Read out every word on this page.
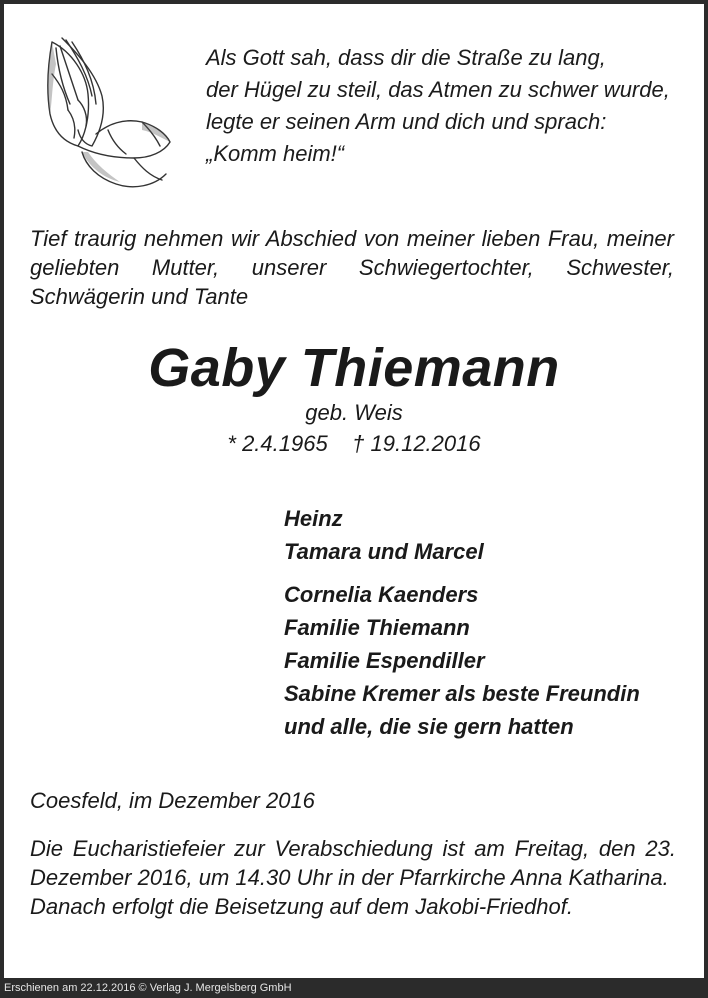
Als Gott sah, dass dir die Straße zu lang,
der Hügel zu steil, das Atmen zu schwer wurde,
legte er seinen Arm und dich und sprach:
„Komm heim!“

Tief traurig nehmen wir Abschied von meiner lieben Frau, meiner geliebten Mutter, unserer Schwiegertochter, Schwester, Schwägerin und Tante

Gaby Thiemann
geb. Weis
* 2.4.1965    † 19.12.2016
Heinz
Tamara und Marcel
Cornelia Kaenders
Familie Thiemann
Familie Espendiller
Sabine Kremer als beste Freundin
und alle, die sie gern hatten
Coesfeld, im Dezember 2016

Die Eucharistiefeier zur Verabschiedung ist am Freitag, den 23. Dezember 2016, um 14.30 Uhr in der Pfarrkirche Anna Katharina.

Danach erfolgt die Beisetzung auf dem Jakobi-Friedhof.

Erschienen am 22.12.2016 © Verlag J. Mergelsberg GmbH
